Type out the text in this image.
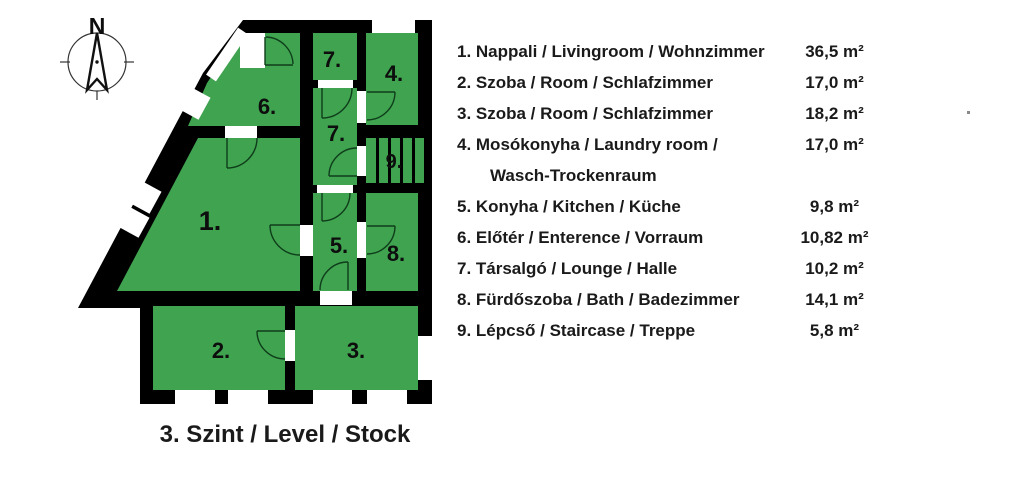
N
1.
2.	3.
4.
5.
6.
7.
7.
8.
9.
1. Nappali / Livingroom / Wohnzimmer	36,5 m²
2. Szoba / Room / Schlafzimmer	17,0 m²
3. Szoba / Room / Schlafzimmer	18,2 m²
4. Mosókonyha / Laundry room /	17,0 m²
Wasch-Trockenraum
5. Konyha / Kitchen / Küche	9,8 m²
6. Előtér / Enterence / Vorraum	10,82 m²
7. Társalgó / Lounge / Halle	10,2 m²
8. Fürdőszoba / Bath / Badezimmer	14,1 m²
9. Lépcső / Staircase / Treppe	5,8 m²
3. Szint / Level / Stock
